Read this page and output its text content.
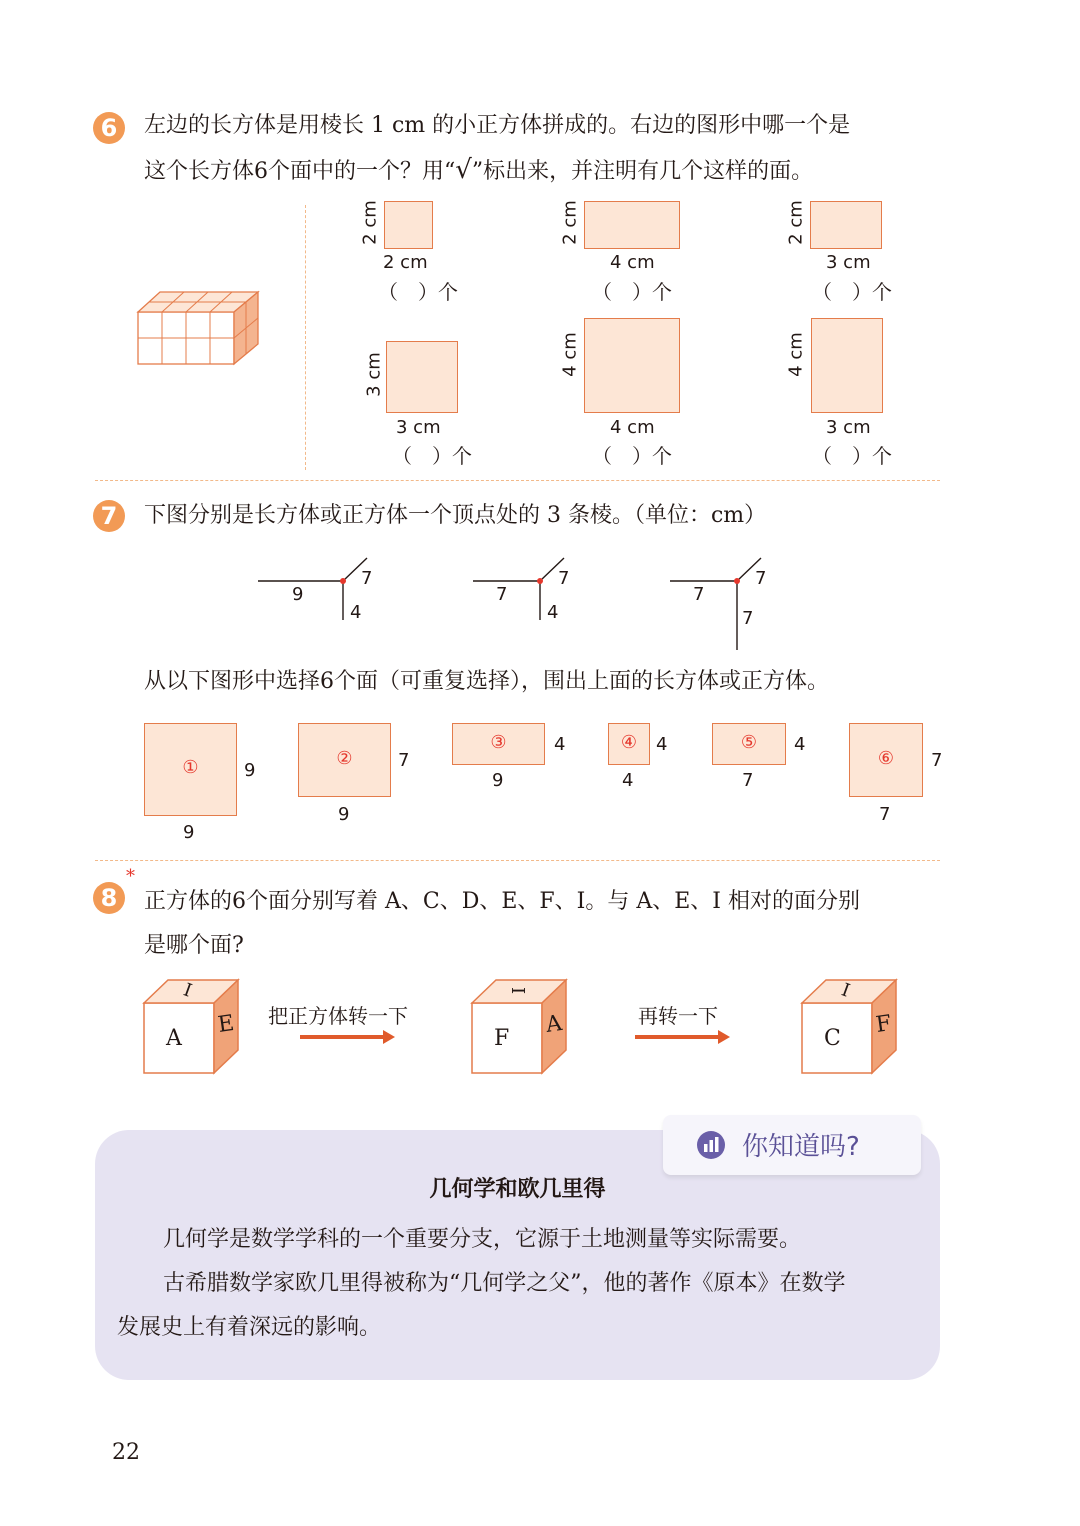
6	左边的长方体是用棱长 1 cm 的小正方体拼成的。右边的图形中哪一个是
这个长方体6个面中的一个？用“√”标出来，并注明有几个这样的面。
2 cm
2 cm
（　）个
2 cm
4 cm
（　）个
2 cm
3 cm
（　）个
3 cm
3 cm
（　）个
4 cm
4 cm
（　）个
4 cm
3 cm
（　）个
7	下图分别是长方体或正方体一个顶点处的 3 条棱。（单位：cm）
9
7
4
7
7
4
7
7
7
从以下图形中选择6个面（可重复选择），围出上面的长方体或正方体。
①	9
9
②	7
9
③	4
9
④	4
4
⑤	4
7
⑥	7
7
8
*
正方体的6个面分别写着 A、C、D、E、F、I。与 A、E、I 相对的面分别
是哪个面?
A
E
I
F
A
I
C
F
I
把正方体转一下	再转一下
你知道吗?
几何学和欧几里得
几何学是数学学科的一个重要分支，它源于土地测量等实际需要。
古希腊数学家欧几里得被称为“几何学之父”，他的著作《原本》在数学
发展史上有着深远的影响。
22
